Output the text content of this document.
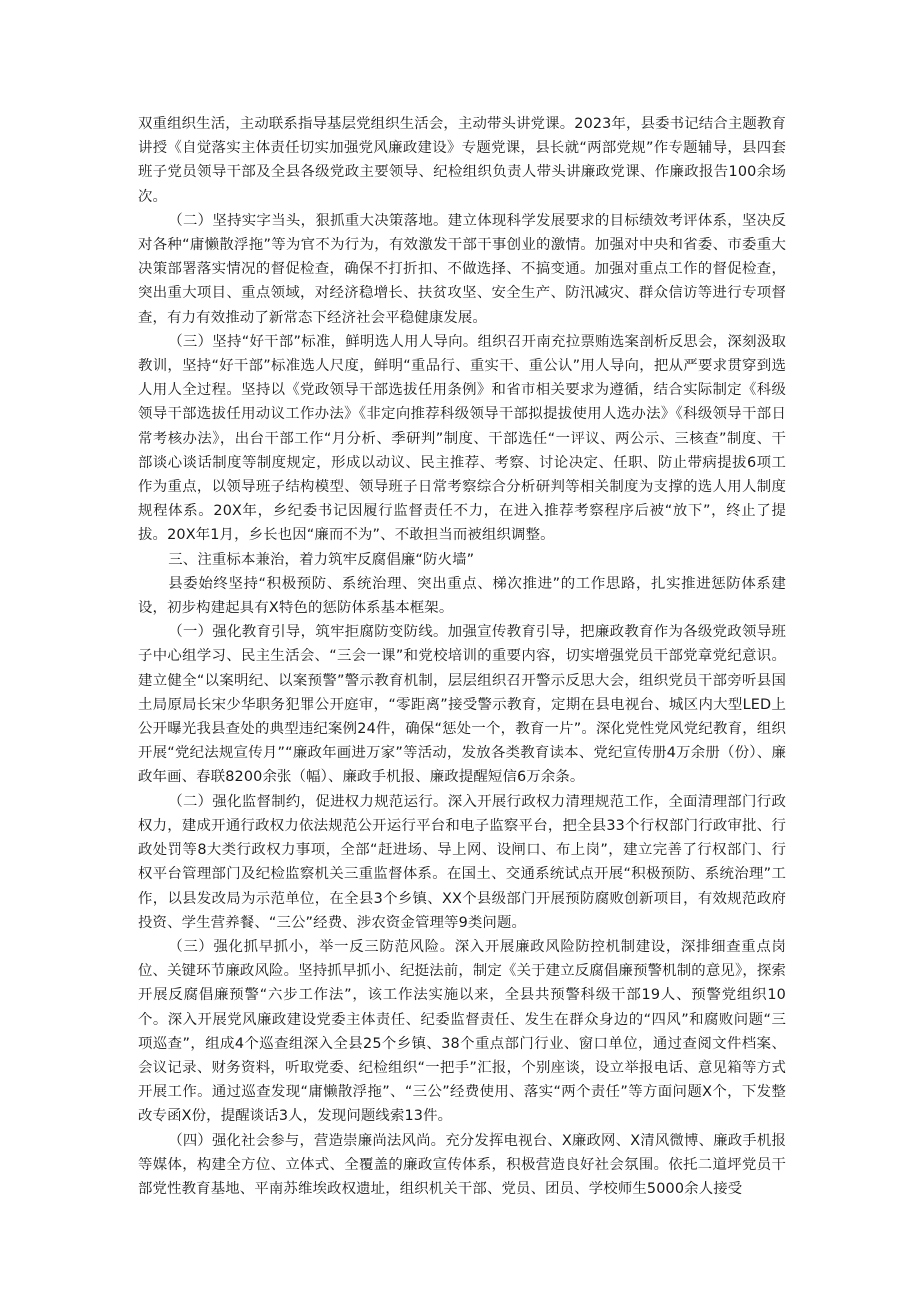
双重组织生活，主动联系指导基层党组织生活会，主动带头讲党课。2023年，县委书记结合主题教育讲授《自觉落实主体责任切实加强党风廉政建设》专题党课，县长就“两部党规”作专题辅导，县四套班子党员领导干部及全县各级党政主要领导、纪检组织负责人带头讲廉政党课、作廉政报告100余场次。

（二）坚持实字当头，狠抓重大决策落地。建立体现科学发展要求的目标绩效考评体系，坚决反对各种“庸懒散浮拖”等为官不为行为，有效激发干部干事创业的激情。加强对中央和省委、市委重大决策部署落实情况的督促检查，确保不打折扣、不做选择、不搞变通。加强对重点工作的督促检查，突出重大项目、重点领域，对经济稳增长、扶贫攻坚、安全生产、防汛减灾、群众信访等进行专项督查，有力有效推动了新常态下经济社会平稳健康发展。

（三）坚持“好干部”标准，鲜明选人用人导向。组织召开南充拉票贿选案剖析反思会，深刻汲取教训，坚持“好干部”标准选人尺度，鲜明“重品行、重实干、重公认”用人导向，把从严要求贯穿到选人用人全过程。坚持以《党政领导干部选拔任用条例》和省市相关要求为遵循，结合实际制定《科级领导干部选拔任用动议工作办法》《非定向推荐科级领导干部拟提拔使用人选办法》《科级领导干部日常考核办法》，出台干部工作“月分析、季研判”制度、干部选任“一评议、两公示、三核查”制度、干部谈心谈话制度等制度规定，形成以动议、民主推荐、考察、讨论决定、任职、防止带病提拔6项工作为重点，以领导班子结构模型、领导班子日常考察综合分析研判等相关制度为支撑的选人用人制度规程体系。20X年，乡纪委书记因履行监督责任不力，在进入推荐考察程序后被“放下”，终止了提拔。20X年1月，乡长也因“廉而不为”、不敢担当而被组织调整。

三、注重标本兼治，着力筑牢反腐倡廉“防火墙”

县委始终坚持“积极预防、系统治理、突出重点、梯次推进”的工作思路，扎实推进惩防体系建设，初步构建起具有X特色的惩防体系基本框架。

（一）强化教育引导，筑牢拒腐防变防线。加强宣传教育引导，把廉政教育作为各级党政领导班子中心组学习、民主生活会、“三会一课”和党校培训的重要内容，切实增强党员干部党章党纪意识。建立健全“以案明纪、以案预警”警示教育机制，层层组织召开警示反思大会，组织党员干部旁听县国土局原局长宋少华职务犯罪公开庭审，“零距离”接受警示教育，定期在县电视台、城区内大型LED上公开曝光我县查处的典型违纪案例24件，确保“惩处一个，教育一片”。深化党性党风党纪教育，组织开展“党纪法规宣传月”“廉政年画进万家”等活动，发放各类教育读本、党纪宣传册4万余册（份）、廉政年画、春联8200余张（幅）、廉政手机报、廉政提醒短信6万余条。

（二）强化监督制约，促进权力规范运行。深入开展行政权力清理规范工作，全面清理部门行政权力，建成开通行政权力依法规范公开运行平台和电子监察平台，把全县33个行权部门行政审批、行政处罚等8大类行政权力事项，全部“赶进场、导上网、设闸口、布上岗”，建立完善了行权部门、行权平台管理部门及纪检监察机关三重监督体系。在国土、交通系统试点开展“积极预防、系统治理”工作，以县发改局为示范单位，在全县3个乡镇、XX个县级部门开展预防腐败创新项目，有效规范政府投资、学生营养餐、“三公”经费、涉农资金管理等9类问题。

（三）强化抓早抓小，举一反三防范风险。深入开展廉政风险防控机制建设，深排细查重点岗位、关键环节廉政风险。坚持抓早抓小、纪挺法前，制定《关于建立反腐倡廉预警机制的意见》，探索开展反腐倡廉预警“六步工作法”，该工作法实施以来，全县共预警科级干部19人、预警党组织10个。深入开展党风廉政建设党委主体责任、纪委监督责任、发生在群众身边的“四风”和腐败问题“三项巡查”，组成4个巡查组深入全县25个乡镇、38个重点部门行业、窗口单位，通过查阅文件档案、会议记录、财务资料，听取党委、纪检组织“一把手”汇报，个别座谈，设立举报电话、意见箱等方式开展工作。通过巡查发现“庸懒散浮拖”、“三公”经费使用、落实“两个责任”等方面问题X个，下发整改专函X份，提醒谈话3人，发现问题线索13件。

（四）强化社会参与，营造崇廉尚法风尚。充分发挥电视台、X廉政网、X清风微博、廉政手机报等媒体，构建全方位、立体式、全覆盖的廉政宣传体系，积极营造良好社会氛围。依托二道坪党员干部党性教育基地、平南苏维埃政权遗址，组织机关干部、党员、团员、学校师生5000余人接受
